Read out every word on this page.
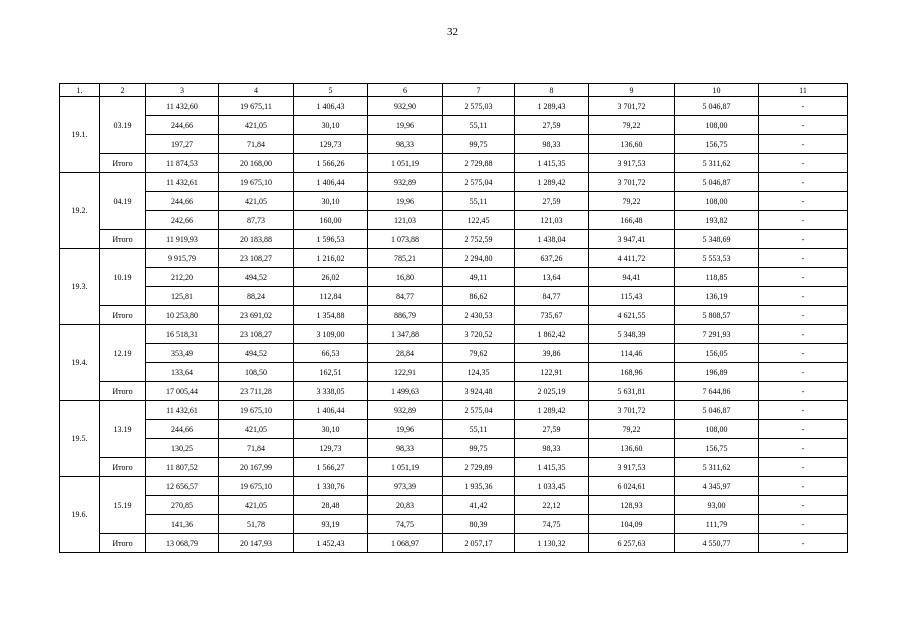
32
1.	2	3	4	5	6	7	8	9	10	11
19.1.	03.19	11 432,60	19 675,11	1 406,43	932,90	2 575,03	1 289,43	3 701,72	5 046,87	-
		244,66	421,05	30,10	19,96	55,11	27,59	79,22	108,00	-
		197,27	71,84	129,73	98,33	99,75	98,33	136,60	156,75	-
	Итого	11 874,53	20 168,00	1 566,26	1 051,19	2 729,88	1 415,35	3 917,53	5 311,62	-
19.2.	04.19	11 432,61	19 675,10	1 406,44	932,89	2 575,04	1 289,42	3 701,72	5 046,87	-
		244,66	421,05	30,10	19,96	55,11	27,59	79,22	108,00	-
		242,66	87,73	160,00	121,03	122,45	121,03	166,48	193,82	-
	Итого	11 919,93	20 183,88	1 596,53	1 073,88	2 752,59	1 438,04	3 947,41	5 348,69	-
19.3.	10.19	9 915,79	23 108,27	1 216,02	785,21	2 294,80	637,26	4 411,72	5 553,53	-
		212,20	494,52	26,02	16,80	49,11	13,64	94,41	118,85	-
		125,81	88,24	112,84	84,77	86,62	84,77	115,43	136,19	-
	Итого	10 253,80	23 691,02	1 354,88	886,79	2 430,53	735,67	4 621,55	5 808,57	-
19.4.	12.19	16 518,31	23 108,27	3 109,00	1 347,88	3 720,52	1 862,42	5 348,39	7 291,93	-
		353,49	494,52	66,53	28,84	79,62	39,86	114,46	156,05	-
		133,64	108,50	162,51	122,91	124,35	122,91	168,96	196,89	-
	Итого	17 005,44	23 711,28	3 338,05	1 499,63	3 924,48	2 025,19	5 631,81	7 644,86	-
19.5.	13.19	11 432,61	19 675,10	1 406,44	932,89	2 575,04	1 289,42	3 701,72	5 046,87	-
		244,66	421,05	30,10	19,96	55,11	27,59	79,22	108,00	-
		130,25	71,84	129,73	98,33	99,75	98,33	136,60	156,75	-
	Итого	11 807,52	20 167,99	1 566,27	1 051,19	2 729,89	1 415,35	3 917,53	5 311,62	-
19.6.	15.19	12 656,57	19 675,10	1 330,76	973,39	1 935,36	1 033,45	6 024,61	4 345,97	-
		270,85	421,05	28,48	20,83	41,42	22,12	128,93	93,00	-
		141,36	51,78	93,19	74,75	80,39	74,75	104,09	111,79	-
	Итого	13 068,79	20 147,93	1 452,43	1 068,97	2 057,17	1 130,32	6 257,63	4 550,77	-
